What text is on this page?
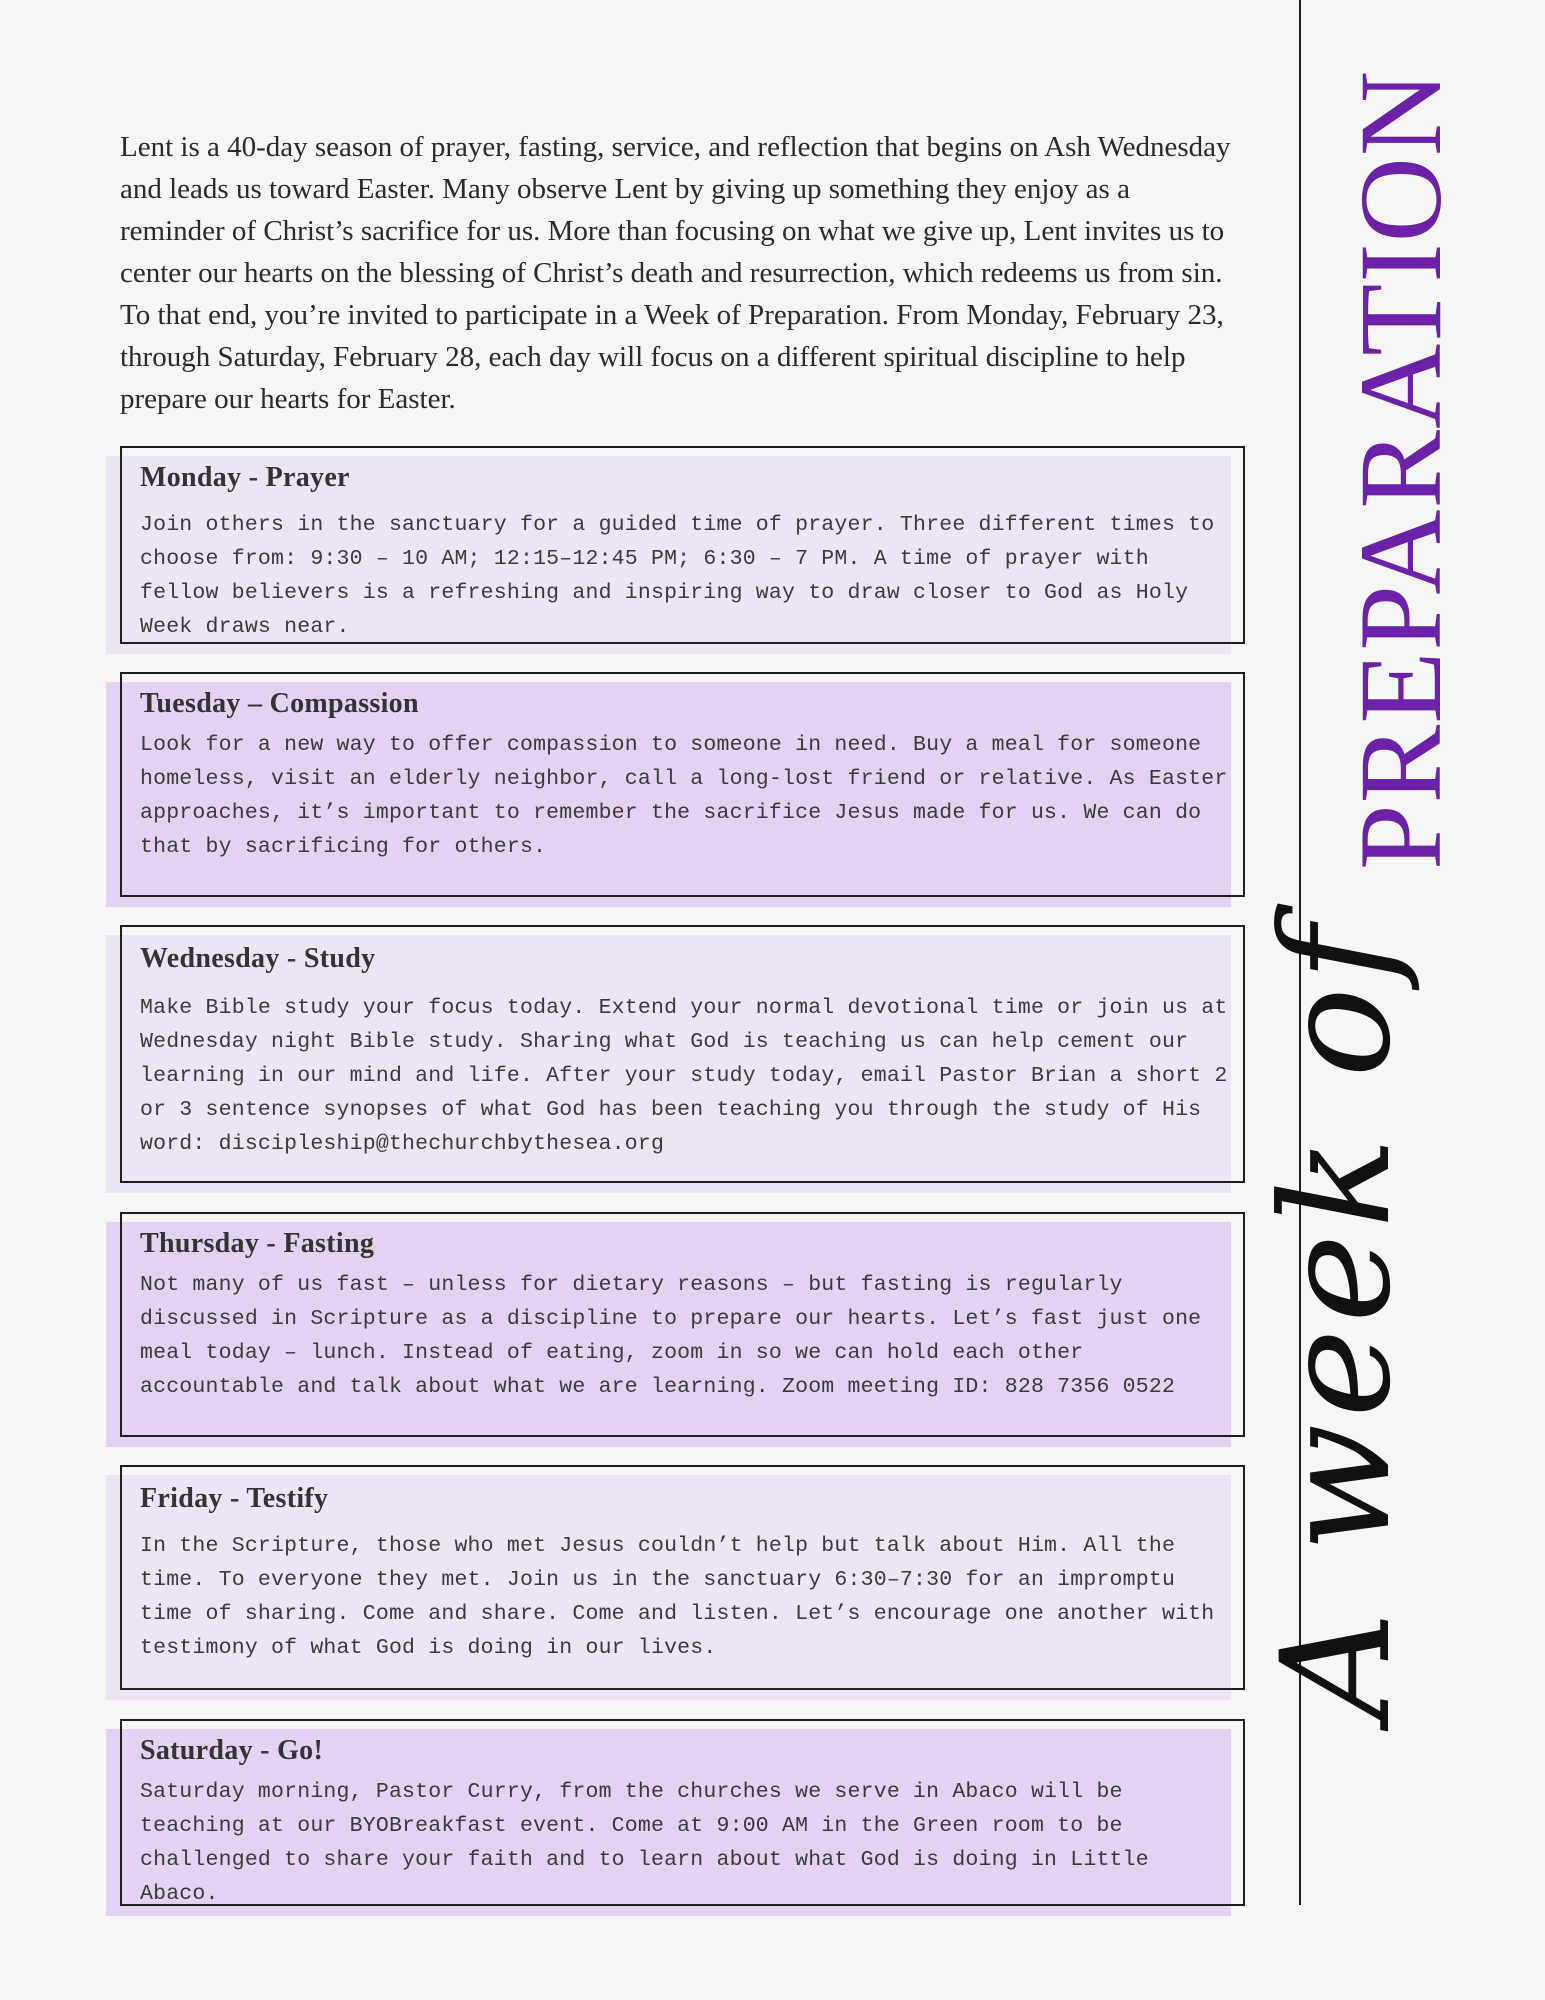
Lent is a 40-day season of prayer, fasting, service, and reflection that begins on Ash Wednesday and leads us toward Easter. Many observe Lent by giving up something they enjoy as a reminder of Christ’s sacrifice for us. More than focusing on what we give up, Lent invites us to center our hearts on the blessing of Christ’s death and resurrection, which redeems us from sin. To that end, you’re invited to participate in a Week of Preparation. From Monday, February 23, through Saturday, February 28, each day will focus on a different spiritual discipline to help prepare our hearts for Easter.

Monday - Prayer

Join others in the sanctuary for a guided time of prayer. Three different times to choose from: 9:30 – 10 AM; 12:15–12:45 PM; 6:30 – 7 PM. A time of prayer with fellow believers is a refreshing and inspiring way to draw closer to God as Holy Week draws near.

Tuesday – Compassion

Look for a new way to offer compassion to someone in need. Buy a meal for someone homeless, visit an elderly neighbor, call a long-lost friend or relative. As Easter approaches, it’s important to remember the sacrifice Jesus made for us. We can do that by sacrificing for others.

Wednesday - Study

Make Bible study your focus today. Extend your normal devotional time or join us at Wednesday night Bible study. Sharing what God is teaching us can help cement our learning in our mind and life. After your study today, email Pastor Brian a short 2 or 3 sentence synopses of what God has been teaching you through the study of His word: discipleship@thechurchbythesea.org

Thursday - Fasting

Not many of us fast – unless for dietary reasons – but fasting is regularly discussed in Scripture as a discipline to prepare our hearts. Let’s fast just one meal today – lunch. Instead of eating, zoom in so we can hold each other accountable and talk about what we are learning. Zoom meeting ID: 828 7356 0522

Friday - Testify

In the Scripture, those who met Jesus couldn’t help but talk about Him. All the time. To everyone they met. Join us in the sanctuary 6:30–7:30 for an impromptu time of sharing. Come and share. Come and listen. Let’s encourage one another with testimony of what God is doing in our lives.

Saturday - Go!

Saturday morning, Pastor Curry, from the churches we serve in Abaco will be teaching at our BYOBreakfast event. Come at 9:00 AM in the Green room to be challenged to share your faith and to learn about what God is doing in Little Abaco.

PREPARATION
A week of
